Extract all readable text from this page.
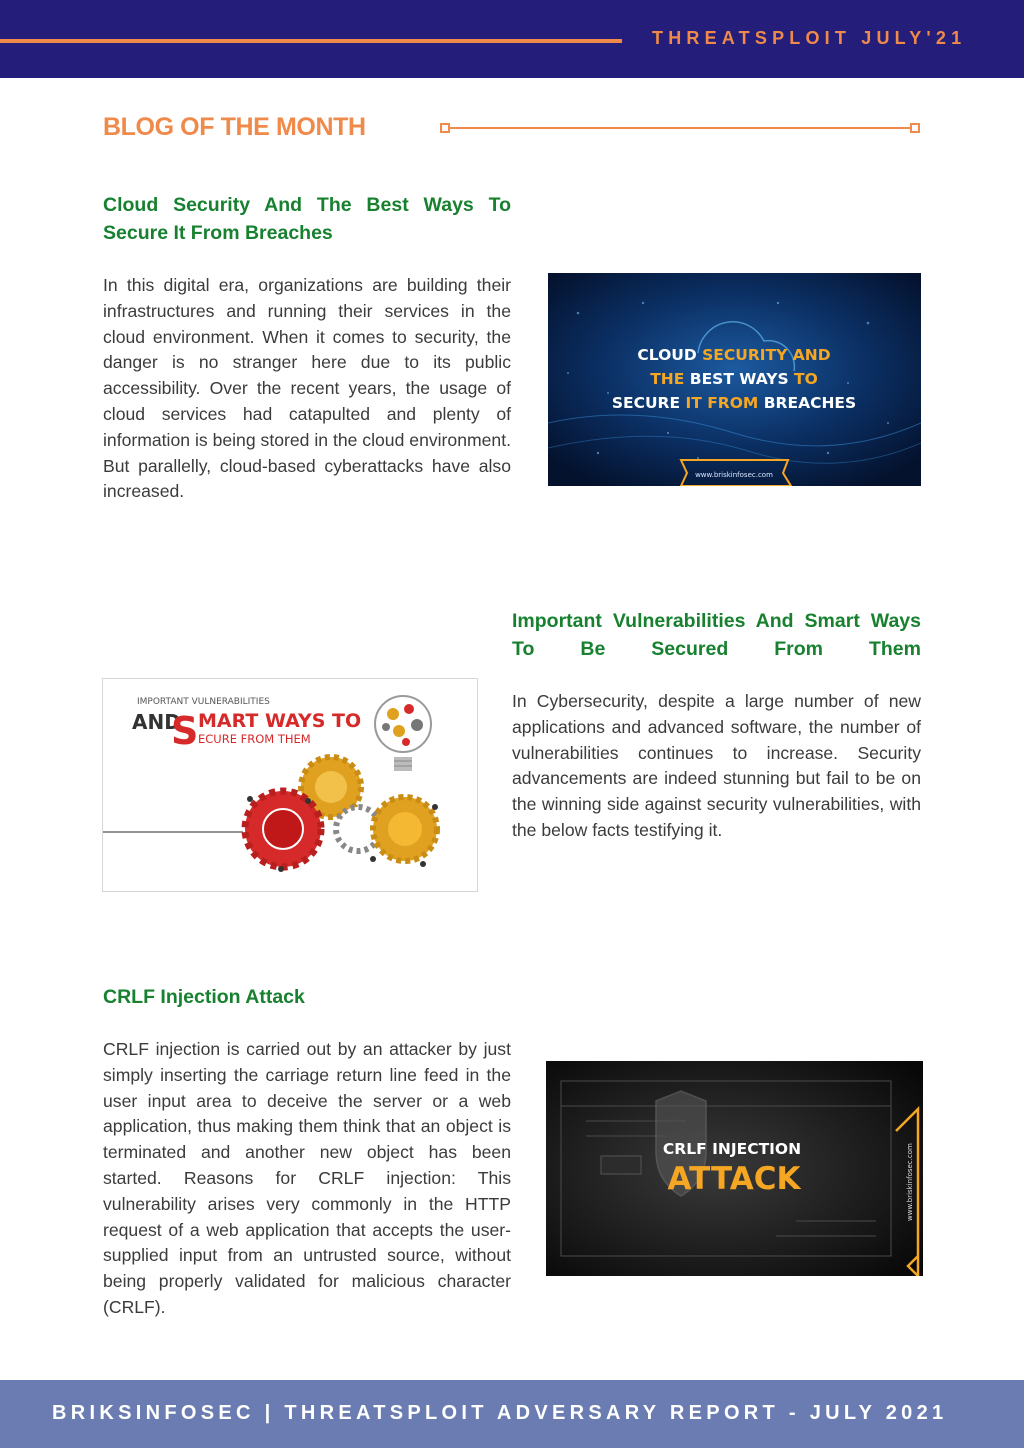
THREATSPLOIT JULY'21
BLOG OF THE MONTH
Cloud Security And The Best Ways To Secure It From Breaches
In this digital era, organizations are building their infrastructures and running their services in the cloud environment. When it comes to security, the danger is no stranger here due to its public accessibility. Over the recent years, the usage of cloud services had catapulted and plenty of information is being stored in the cloud environment. But parallelly, cloud-based cyberattacks have also increased.
CLOUD SECURITY AND
THE BEST WAYS TO
SECURE IT FROM BREACHES
www.briskinfosec.com
Important Vulnerabilities And Smart Ways To Be Secured From Them
In Cybersecurity, despite a large number of new applications and advanced software, the number of vulnerabilities continues to increase. Security advancements are indeed stunning but fail to be on the winning side against security vulnerabilities, with the below facts testifying it.
IMPORTANT VULNERABILITIES
AND
S MART WAYS TO
ECURE FROM THEM
CRLF Injection Attack
CRLF injection is carried out by an attacker by just simply inserting the carriage return line feed in the user input area to deceive the server or a web application, thus making them think that an object is terminated and another new object has been started. Reasons for CRLF injection: This vulnerability arises very commonly in the HTTP request of a web application that accepts the user-supplied input from an untrusted source, without being properly validated for malicious character (CRLF).
CRLF INJECTION
ATTACK	www.briskinfosec.com
BRIKSINFOSEC | THREATSPLOIT ADVERSARY REPORT - JULY 2021
